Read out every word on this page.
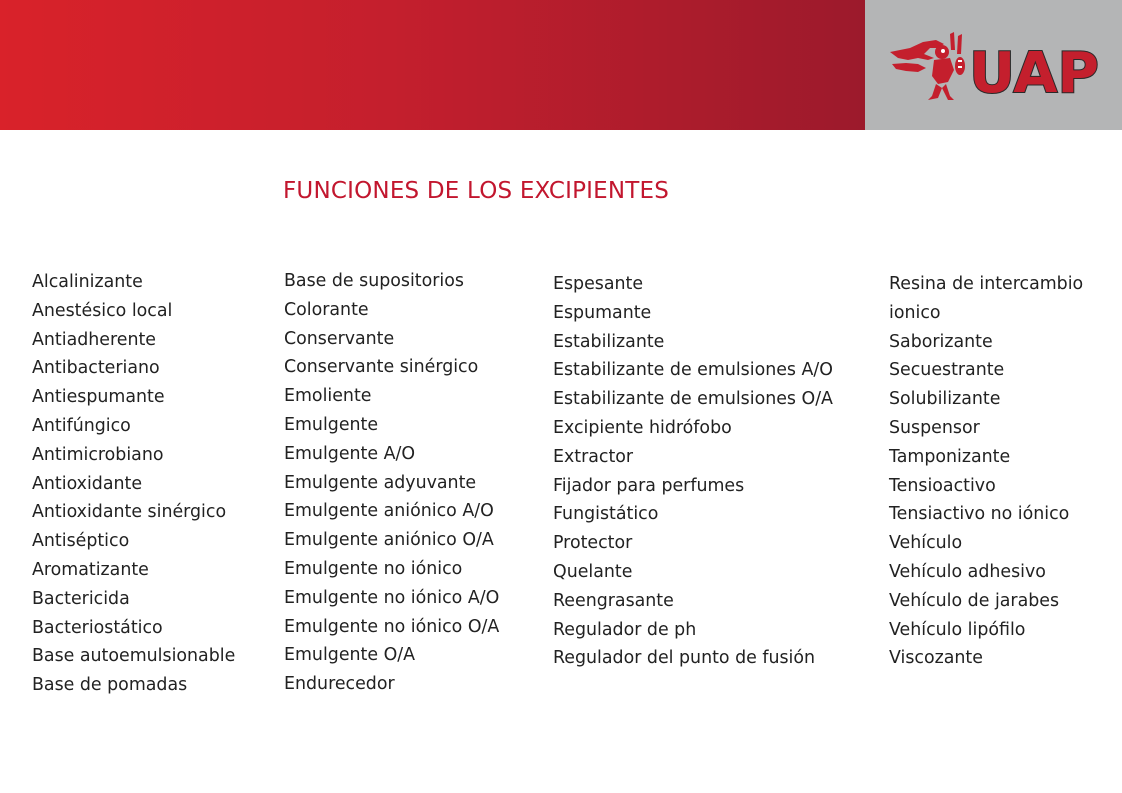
UAP
FUNCIONES DE LOS EXCIPIENTES
Alcalinizante
Anestésico local
Antiadherente
Antibacteriano
Antiespumante
Antifúngico
Antimicrobiano
Antioxidante
Antioxidante sinérgico
Antiséptico
Aromatizante
Bactericida
Bacteriostático
Base autoemulsionable
Base de pomadas
Base de supositorios
Colorante
Conservante
Conservante sinérgico
Emoliente
Emulgente
Emulgente A/O
Emulgente adyuvante
Emulgente aniónico A/O
Emulgente aniónico O/A
Emulgente no iónico
Emulgente no iónico A/O
Emulgente no iónico O/A
Emulgente O/A
Endurecedor
Espesante
Espumante
Estabilizante
Estabilizante de emulsiones A/O
Estabilizante de emulsiones O/A
Excipiente hidrófobo
Extractor
Fijador para perfumes
Fungistático
Protector
Quelante
Reengrasante
Regulador de ph
Regulador del punto de fusión
Resina de intercambio
ionico
Saborizante
Secuestrante
Solubilizante
Suspensor
Tamponizante
Tensioactivo
Tensiactivo no iónico
Vehículo
Vehículo adhesivo
Vehículo de jarabes
Vehículo lipófilo
Viscozante
